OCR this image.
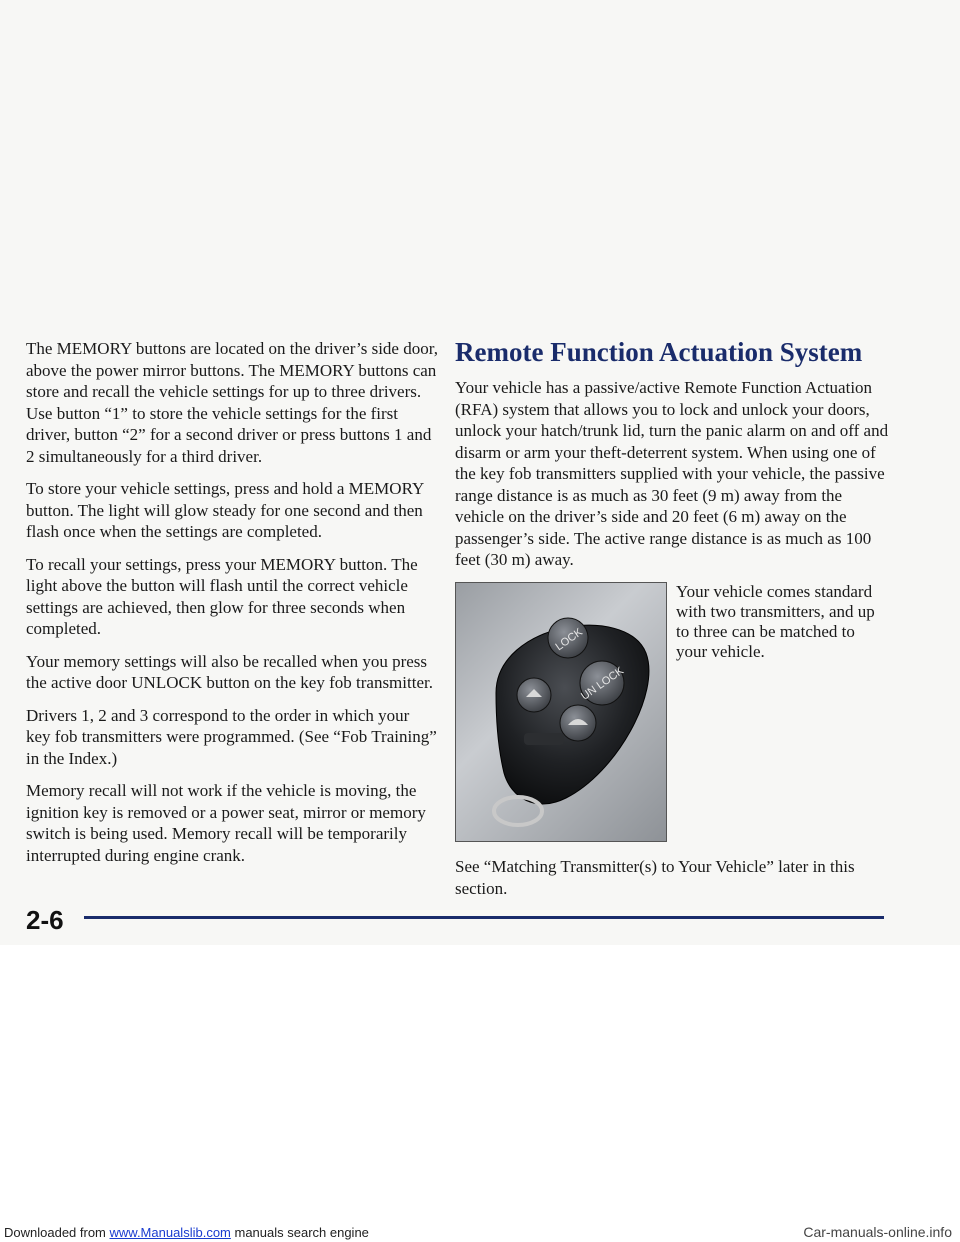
The MEMORY buttons are located on the driver’s side door, above the power mirror buttons. The MEMORY buttons can store and recall the vehicle settings for up to three drivers. Use button “1” to store the vehicle settings for the first driver, button “2” for a second driver or press buttons 1 and 2 simultaneously for a third driver.

To store your vehicle settings, press and hold a MEMORY button. The light will glow steady for one second and then flash once when the settings are completed.

To recall your settings, press your MEMORY button. The light above the button will flash until the correct vehicle settings are achieved, then glow for three seconds when completed.

Your memory settings will also be recalled when you press the active door UNLOCK button on the key fob transmitter.

Drivers 1, 2 and 3 correspond to the order in which your key fob transmitters were programmed. (See “Fob Training” in the Index.)

Memory recall will not work if the vehicle is moving, the ignition key is removed or a power seat, mirror or memory switch is being used. Memory recall will be temporarily interrupted during engine crank.

Remote Function Actuation System

Your vehicle has a passive/active Remote Function Actuation (RFA) system that allows you to lock and unlock your doors, unlock your hatch/trunk lid, turn the panic alarm on and off and disarm or arm your theft-deterrent system. When using one of the key fob transmitters supplied with your vehicle, the passive range distance is as much as 30 feet (9 m) away from the vehicle on the driver’s side and 20 feet (6 m) away on the passenger’s side. The active range distance is as much as 100 feet (30 m) away.

LOCK
UN LOCK
Your vehicle comes standard with two transmitters, and up to three can be matched to your vehicle.

See “Matching Transmitter(s) to Your Vehicle” later in this section.

2-6
Downloaded from www.Manualslib.com manuals search engine	Car-manuals-online.info
